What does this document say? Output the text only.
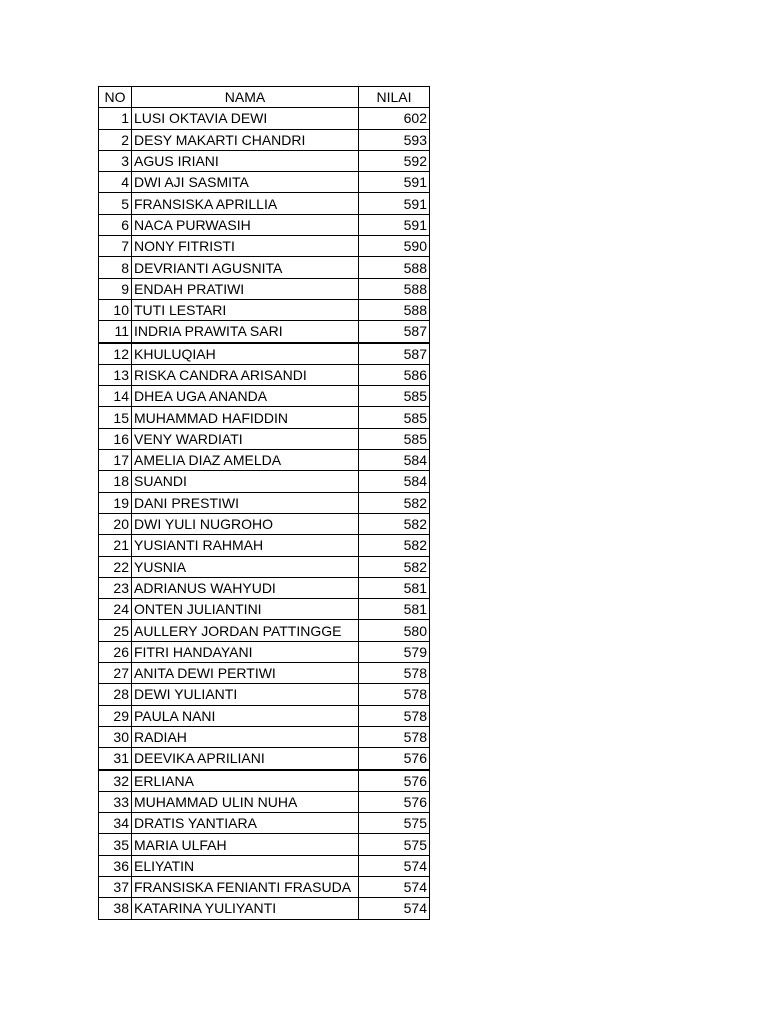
NO	NAMA	NILAI
1	LUSI OKTAVIA DEWI	602
2	DESY MAKARTI CHANDRI	593
3	AGUS IRIANI	592
4	DWI AJI SASMITA	591
5	FRANSISKA APRILLIA	591
6	NACA PURWASIH	591
7	NONY FITRISTI	590
8	DEVRIANTI AGUSNITA	588
9	ENDAH PRATIWI	588
10	TUTI LESTARI	588
11	INDRIA PRAWITA SARI	587
12	KHULUQIAH	587
13	RISKA CANDRA ARISANDI	586
14	DHEA UGA ANANDA	585
15	MUHAMMAD HAFIDDIN	585
16	VENY WARDIATI	585
17	AMELIA DIAZ AMELDA	584
18	SUANDI	584
19	DANI PRESTIWI	582
20	DWI YULI NUGROHO	582
21	YUSIANTI RAHMAH	582
22	YUSNIA	582
23	ADRIANUS WAHYUDI	581
24	ONTEN JULIANTINI	581
25	AULLERY JORDAN PATTINGGE	580
26	FITRI HANDAYANI	579
27	ANITA DEWI PERTIWI	578
28	DEWI YULIANTI	578
29	PAULA NANI	578
30	RADIAH	578
31	DEEVIKA APRILIANI	576
32	ERLIANA	576
33	MUHAMMAD ULIN NUHA	576
34	DRATIS YANTIARA	575
35	MARIA ULFAH	575
36	ELIYATIN	574
37	FRANSISKA FENIANTI FRASUDA	574
38	KATARINA YULIYANTI	574
